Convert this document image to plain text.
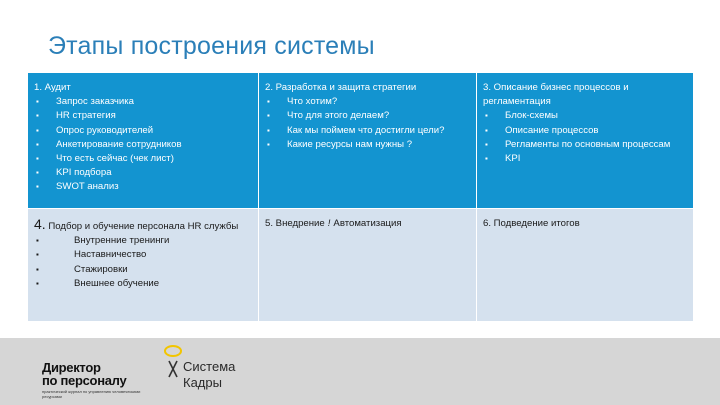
Этапы построения системы
1. Аудит
▪ Запрос заказчика
▪ HR стратегия
▪ Опрос руководителей
▪ Анкетирование сотрудников
▪ Что есть сейчас (чек лист)
▪ KPI подбора
▪ SWOT анализ
2. Разработка и защита стратегии
▪ Что хотим?
▪ Что для этого делаем?
▪ Как мы поймем что достигли цели?
▪ Какие ресурсы нам нужны ?
3. Описание бизнес процессов и регламентация
▪ Блок-схемы
▪ Описание процессов
▪ Регламенты по основным процессам
▪ KPI
4. Подбор и обучение персонала HR службы
▪ Внутренние тренинги
▪ Наставничество
▪ Стажировки
▪ Внешнее обучение
5. Внедрение ! Автоматизация	6. Подведение итогов
Директор
по персоналу
практический журнал по управлению человеческими ресурсами
Система
Кадры
